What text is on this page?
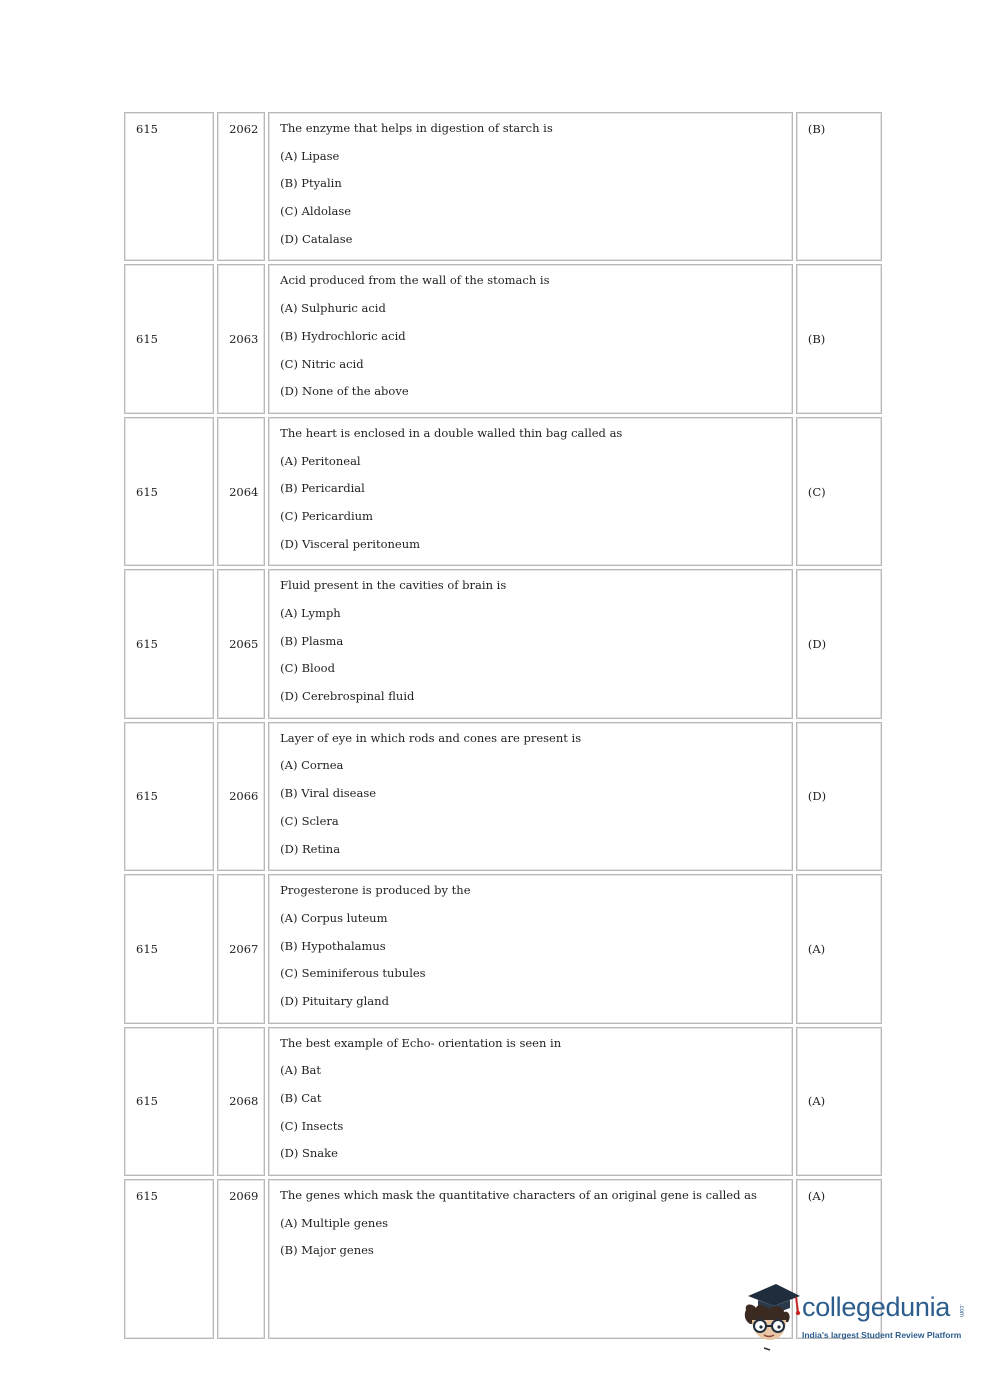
615	2062	The enzyme that helps in digestion of starch is
(A) Lipase
(B) Ptyalin
(C) Aldolase
(D) Catalase	(B)
615	2063	Acid produced from the wall of the stomach is
(A) Sulphuric acid
(B) Hydrochloric acid
(C) Nitric acid
(D) None of the above	(B)
615	2064	The heart is enclosed in a double walled thin bag called as
(A) Peritoneal
(B) Pericardial
(C) Pericardium
(D) Visceral peritoneum	(C)
615	2065	Fluid present in the cavities of brain is
(A) Lymph
(B) Plasma
(C) Blood
(D) Cerebrospinal fluid	(D)
615	2066	Layer of eye in which rods and cones are present is
(A) Cornea
(B) Viral disease
(C) Sclera
(D) Retina	(D)
615	2067	Progesterone is produced by the
(A) Corpus luteum
(B) Hypothalamus
(C) Seminiferous tubules
(D) Pituitary gland	(A)
615	2068	The best example of Echo- orientation is seen in
(A) Bat
(B) Cat
(C) Insects
(D) Snake	(A)
615	2069	The genes which mask the quantitative characters of an original gene is called as
(A) Multiple genes
(B) Major genes	(A)
collegedunia .com
India's largest Student Review Platform
